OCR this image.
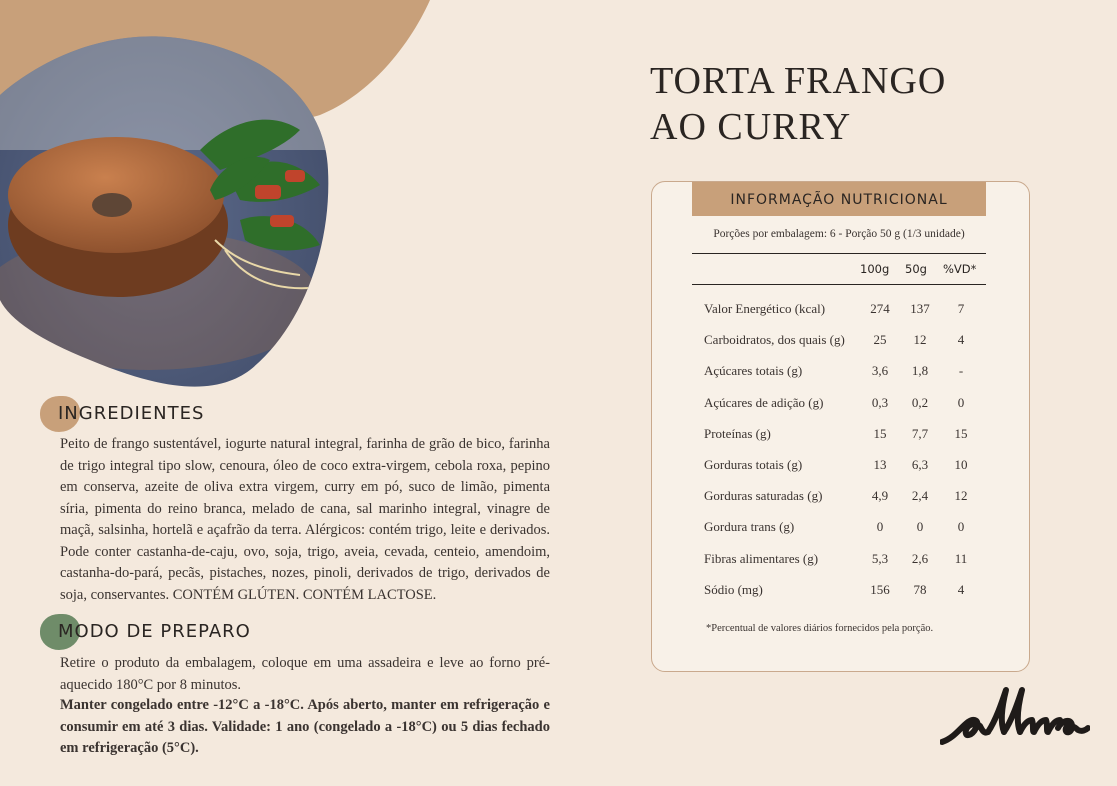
TORTA FRANGO
AO CURRY
INGREDIENTES

Peito de frango sustentável, iogurte natural integral, farinha de grão de bico, farinha de trigo integral tipo slow, cenoura, óleo de coco extra-virgem, cebola roxa, pepino em conserva, azeite de oliva extra virgem, curry em pó, suco de limão, pimenta síria, pimenta do reino branca, melado de cana, sal marinho integral, vinagre de maçã, salsinha, hortelã e açafrão da terra. Alérgicos: contém trigo, leite e derivados. Pode conter castanha-de-caju, ovo, soja, trigo, aveia, cevada, centeio, amendoim, castanha-do-pará, pecãs, pistaches, nozes, pinoli, derivados de trigo, derivados de soja, conservantes. CONTÉM GLÚTEN. CONTÉM LACTOSE.

MODO DE PREPARO

Retire o produto da embalagem, coloque em uma assadeira e leve ao forno pré-aquecido 180°C por 8 minutos.

Manter congelado entre -12°C a -18°C. Após aberto, manter em refrigeração e consumir em até 3 dias. Validade: 1 ano (congelado a -18°C) ou 5 dias fechado em refrigeração (5°C).

INFORMAÇÃO NUTRICIONAL
Porções por embalagem: 6 - Porção 50 g (1/3 unidade)
100g 50g %VD*
Valor Energético (kcal)	274	137	7
Carboidratos, dos quais (g)	25	12	4
Açúcares totais (g)	3,6	1,8	-
Açúcares de adição (g)	0,3	0,2	0
Proteínas (g)	15	7,7	15
Gorduras totais (g)	13	6,3	10
Gorduras saturadas (g)	4,9	2,4	12
Gordura trans (g)	0	0	0
Fibras alimentares (g)	5,3	2,6	11
Sódio (mg)	156	78	4
*Percentual de valores diários fornecidos pela porção.
